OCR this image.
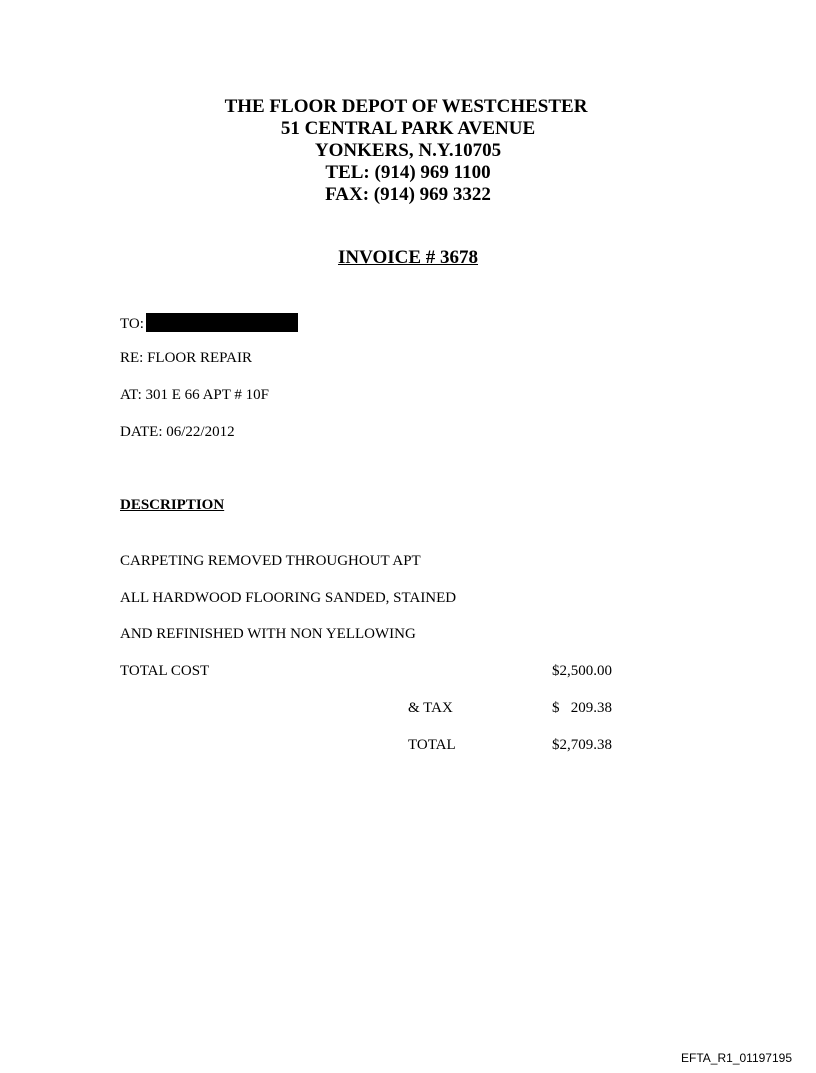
THE FLOOR DEPOT OF WESTCHESTER
51 CENTRAL PARK AVENUE
YONKERS, N.Y.10705
TEL: (914) 969 1100
FAX: (914) 969 3322
INVOICE # 3678
TO:
RE: FLOOR REPAIR
AT: 301 E 66 APT # 10F
DATE: 06/22/2012
DESCRIPTION
CARPETING REMOVED THROUGHOUT APT
ALL HARDWOOD FLOORING SANDED, STAINED
AND REFINISHED WITH NON YELLOWING
TOTAL COST	$2,500.00
& TAX	$   209.38
TOTAL	$2,709.38
EFTA_R1_01197195
